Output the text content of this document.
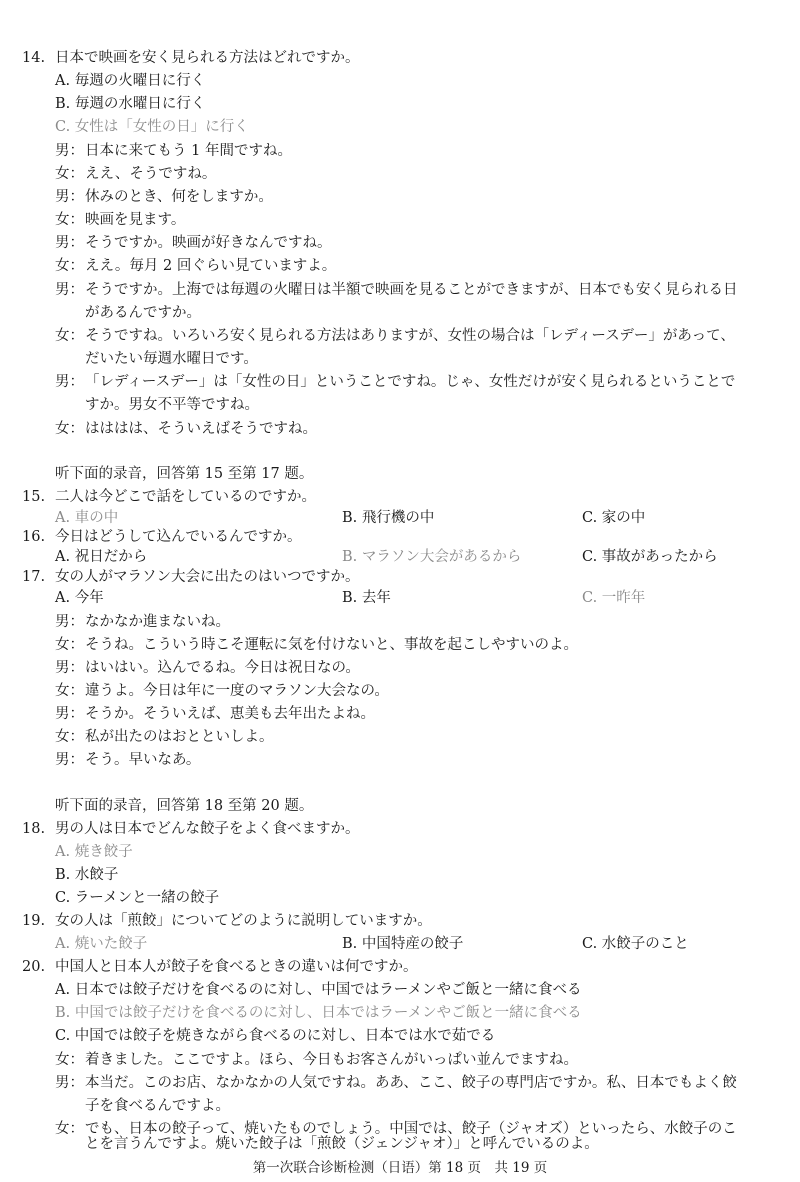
14. 日本で映画を安く見られる方法はどれですか。
A. 毎週の火曜日に行く
B. 毎週の水曜日に行く
C. 女性は「女性の日」に行く
男： 日本に来てもう 1 年間ですね。
女： ええ、そうですね。
男： 休みのとき、何をしますか。
女： 映画を見ます。
男： そうですか。映画が好きなんですね。
女： ええ。毎月 2 回ぐらい見ていますよ。
男： そうですか。上海では毎週の火曜日は半額で映画を見ることができますが、日本でも安く見られる日
があるんですか。
女： そうですね。いろいろ安く見られる方法はありますが、女性の場合は「レディースデー」があって、
だいたい毎週水曜日です。
男： 「レディースデー」は「女性の日」ということですね。じゃ、女性だけが安く見られるということで
すか。男女不平等ですね。
女： はははは、そういえばそうですね。
听下面的录音，回答第 15 至第 17 题。
15. 二人は今どこで話をしているのですか。
A. 車の中	B. 飛行機の中	C. 家の中
16. 今日はどうして込んでいるんですか。
A. 祝日だから	B. マラソン大会があるから	C. 事故があったから
17. 女の人がマラソン大会に出たのはいつですか。
A. 今年	B. 去年	C. 一昨年
男： なかなか進まないね。
女： そうね。こういう時こそ運転に気を付けないと、事故を起こしやすいのよ。
男： はいはい。込んでるね。今日は祝日なの。
女： 違うよ。今日は年に一度のマラソン大会なの。
男： そうか。そういえば、恵美も去年出たよね。
女： 私が出たのはおとといしよ。
男： そう。早いなあ。
听下面的录音，回答第 18 至第 20 题。
18. 男の人は日本でどんな餃子をよく食べますか。
A. 焼き餃子
B. 水餃子
C. ラーメンと一緒の餃子
19. 女の人は「煎餃」についてどのように説明していますか。
A. 焼いた餃子	B. 中国特産の餃子	C. 水餃子のこと
20. 中国人と日本人が餃子を食べるときの違いは何ですか。
A. 日本では餃子だけを食べるのに対し、中国ではラーメンやご飯と一緒に食べる
B. 中国では餃子だけを食べるのに対し、日本ではラーメンやご飯と一緒に食べる
C. 中国では餃子を焼きながら食べるのに対し、日本では水で茹でる
女： 着きました。ここですよ。ほら、今日もお客さんがいっぱい並んでますね。
男： 本当だ。このお店、なかなかの人気ですね。ああ、ここ、餃子の専門店ですか。私、日本でもよく餃
子を食べるんですよ。
女： でも、日本の餃子って、焼いたものでしょう。中国では、餃子（ジャオズ）といったら、水餃子のこ
第一次联合诊断检测（日语）第 18 页　共 19 页
とを言うんですよ。焼いた餃子は「煎餃（ジェンジャオ）」と呼んでいるのよ。
